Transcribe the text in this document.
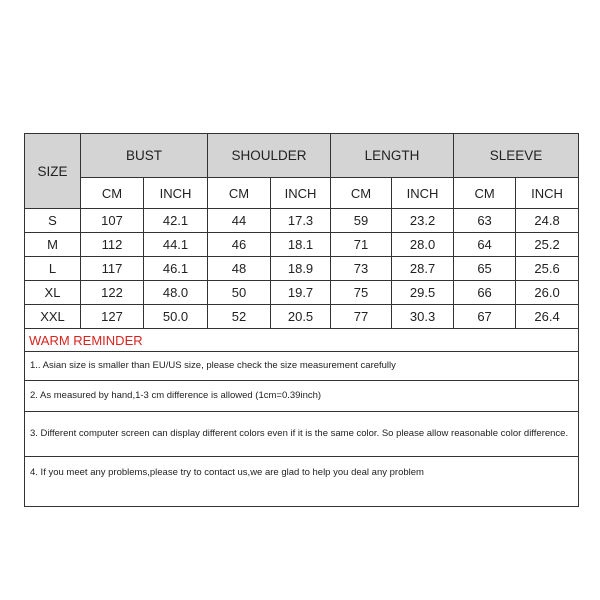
SIZE	BUST		SHOULDER		LENGTH		SLEEVE	
	CM	INCH	CM	INCH	CM	INCH	CM	INCH
S	107	42.1	44	17.3	59	23.2	63	24.8
M	112	44.1	46	18.1	71	28.0	64	25.2
L	117	46.1	48	18.9	73	28.7	65	25.6
XL	122	48.0	50	19.7	75	29.5	66	26.0
XXL	127	50.0	52	20.5	77	30.3	67	26.4
WARM REMINDER								
1.. Asian size is smaller than EU/US size, please check the size measurement carefully								
2. As measured by hand,1-3 cm difference is allowed (1cm=0.39inch)								
3. Different computer screen can display different colors even if it is the same color. So please allow reasonable color difference.								
4. If you meet any problems,please try to contact us,we are glad to help you deal any problem								
